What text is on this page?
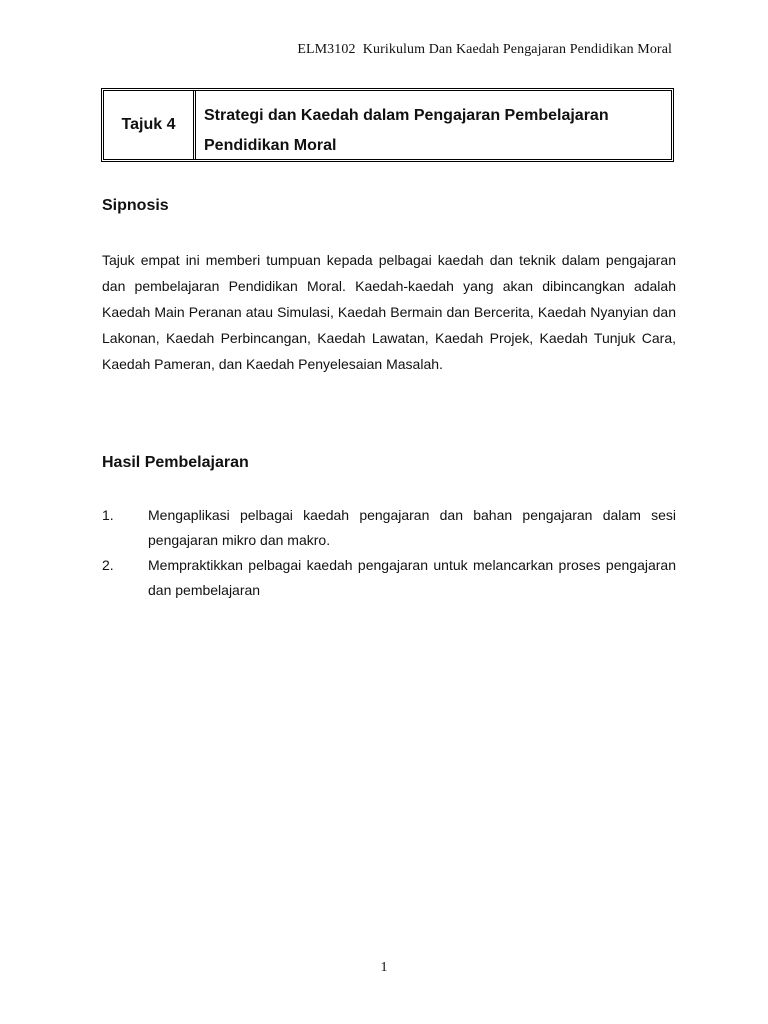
ELM3102  Kurikulum Dan Kaedah Pengajaran Pendidikan Moral
Tajuk 4
Strategi dan Kaedah dalam Pengajaran Pembelajaran Pendidikan Moral
Sipnosis
Tajuk empat ini memberi tumpuan kepada pelbagai kaedah dan teknik dalam pengajaran dan pembelajaran Pendidikan Moral. Kaedah-kaedah yang akan dibincangkan adalah Kaedah Main Peranan atau Simulasi, Kaedah Bermain dan Bercerita, Kaedah Nyanyian dan Lakonan, Kaedah Perbincangan, Kaedah Lawatan, Kaedah Projek, Kaedah Tunjuk Cara, Kaedah Pameran, dan Kaedah Penyelesaian Masalah.
Hasil Pembelajaran
1.	Mengaplikasi pelbagai kaedah pengajaran dan bahan pengajaran dalam sesi
pengajaran mikro dan makro.
2.	Mempraktikkan pelbagai kaedah pengajaran untuk melancarkan proses pengajaran dan pembelajaran
1
